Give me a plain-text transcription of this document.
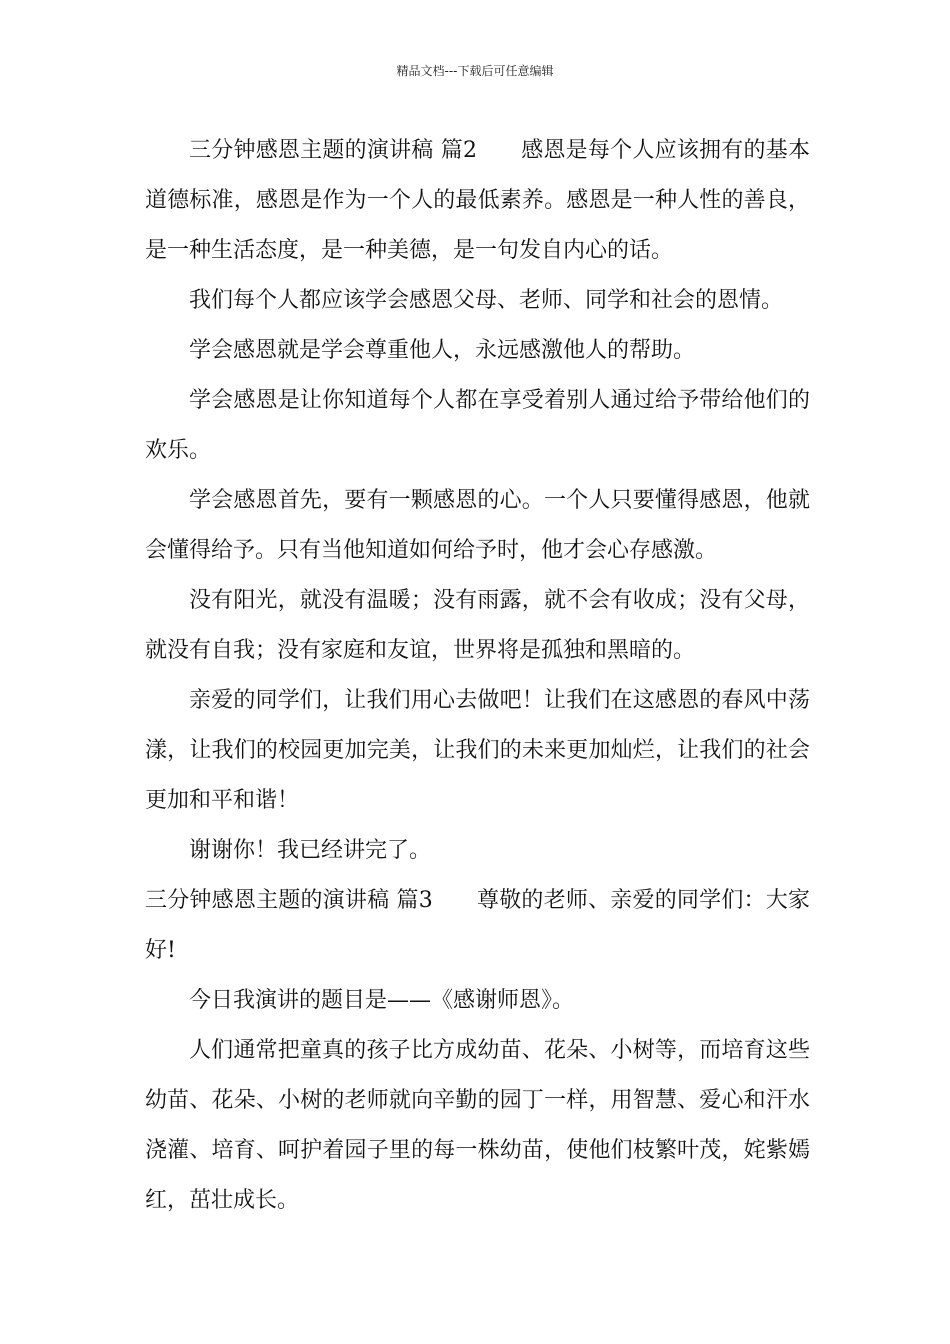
精品文档---下载后可任意编辑

三分钟感恩主题的演讲稿 篇2 感恩是每个人应该拥有的基本道德标准，感恩是作为一个人的最低素养。感恩是一种人性的善良，是一种生活态度，是一种美德，是一句发自内心的话。

我们每个人都应该学会感恩父母、老师、同学和社会的恩情。

学会感恩就是学会尊重他人，永远感激他人的帮助。

学会感恩是让你知道每个人都在享受着别人通过给予带给他们的欢乐。

学会感恩首先，要有一颗感恩的心。一个人只要懂得感恩，他就会懂得给予。只有当他知道如何给予时，他才会心存感激。

没有阳光，就没有温暖；没有雨露，就不会有收成；没有父母，就没有自我；没有家庭和友谊，世界将是孤独和黑暗的。

亲爱的同学们，让我们用心去做吧！让我们在这感恩的春风中荡漾，让我们的校园更加完美，让我们的未来更加灿烂，让我们的社会更加和平和谐！

谢谢你！我已经讲完了。

三分钟感恩主题的演讲稿 篇3 尊敬的老师、亲爱的同学们：大家好!

今日我演讲的题目是——《感谢师恩》。

人们通常把童真的孩子比方成幼苗、花朵、小树等，而培育这些幼苗、花朵、小树的老师就向辛勤的园丁一样，用智慧、爱心和汗水浇灌、培育、呵护着园子里的每一株幼苗，使他们枝繁叶茂，姹紫嫣红，茁壮成长。
